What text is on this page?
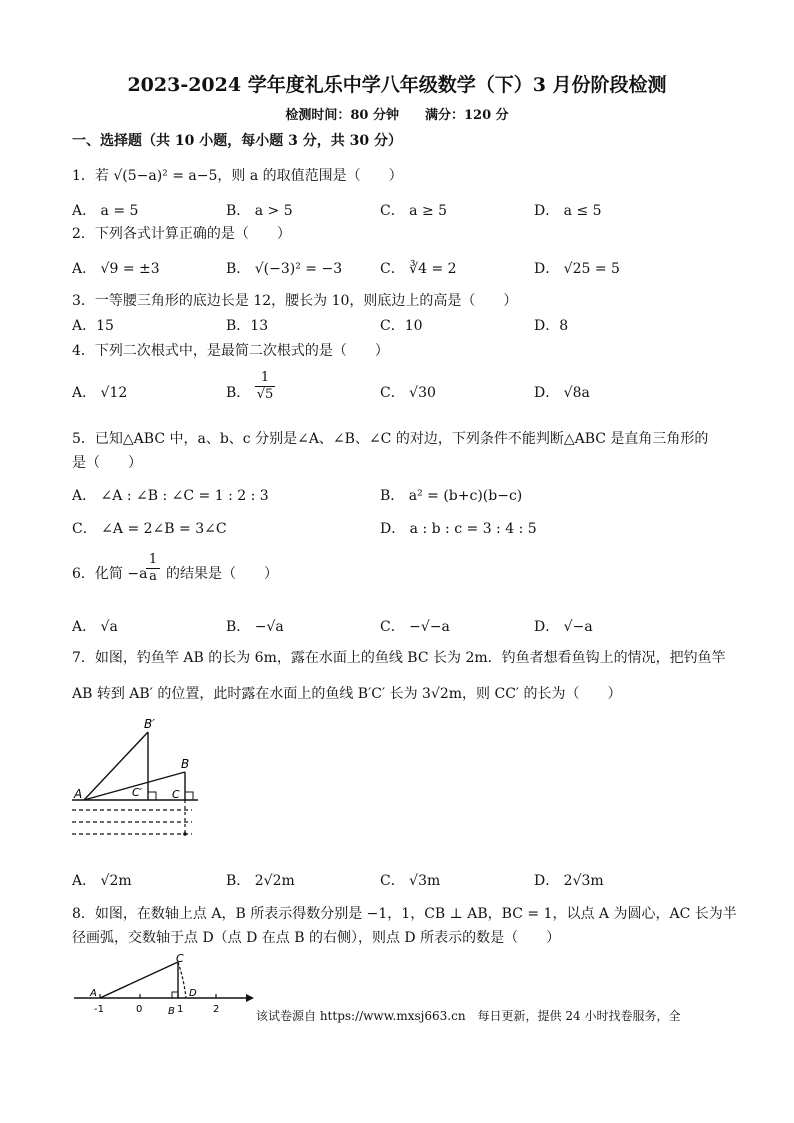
2023-2024 学年度礼乐中学八年级数学（下）3 月份阶段检测
检测时间：80 分钟　　满分：120 分
一、选择题（共 10 小题，每小题 3 分，共 30 分）
1．若 √(5−a)² = a−5，则 a 的取值范围是（　　）
A． a = 5	B． a > 5	C． a ≥ 5	D． a ≤ 5
2．下列各式计算正确的是（　　）
A． √9 = ±3	B． √(−3)² = −3	C． ∛4 = 2	D． √25 = 5
3．一等腰三角形的底边长是 12，腰长为 10，则底边上的高是（　　）
A．15	B．13	C．10	D．8
4．下列二次根式中，是最简二次根式的是（　　）
A． √12	B． $\frac{1}{√5}$	C． √30	D． √8a
5．已知△ABC 中，a、b、c 分别是∠A、∠B、∠C 的对边，下列条件不能判断△ABC 是直角三角形的
是（　　）
A． ∠A : ∠B : ∠C = 1 : 2 : 3	B． a² = (b+c)(b−c)
C． ∠A = 2∠B = 3∠C	D． a : b : c = 3 : 4 : 5
6．化简 −a
$\frac{1}{a}$ 的结果是（　　）
A． √a	B． −√a	C． −√−a	D． √−a
7．如图，钓鱼竿 AB 的长为 6m，露在水面上的鱼线 BC 长为 2m．钓鱼者想看鱼钩上的情况，把钓鱼竿
AB 转到 AB′ 的位置，此时露在水面上的鱼线 B′C′ 长为 3√2m，则 CC′ 的长为（　　）
B′
B
A	C′	C
A． √2m	B． 2√2m	C． √3m	D． 2√3m
8．如图，在数轴上点 A，B 所表示得数分别是 −1，1，CB ⊥ AB，BC = 1，以点 A 为圆心，AC 长为半
径画弧，交数轴于点 D（点 D 在点 B 的右侧），则点 D 所表示的数是（　　）
C
A	D
-1	0	B 1	2	该试卷源自 https://www.mxsj663.cn　每日更新，提供 24 小时找卷服务，全
